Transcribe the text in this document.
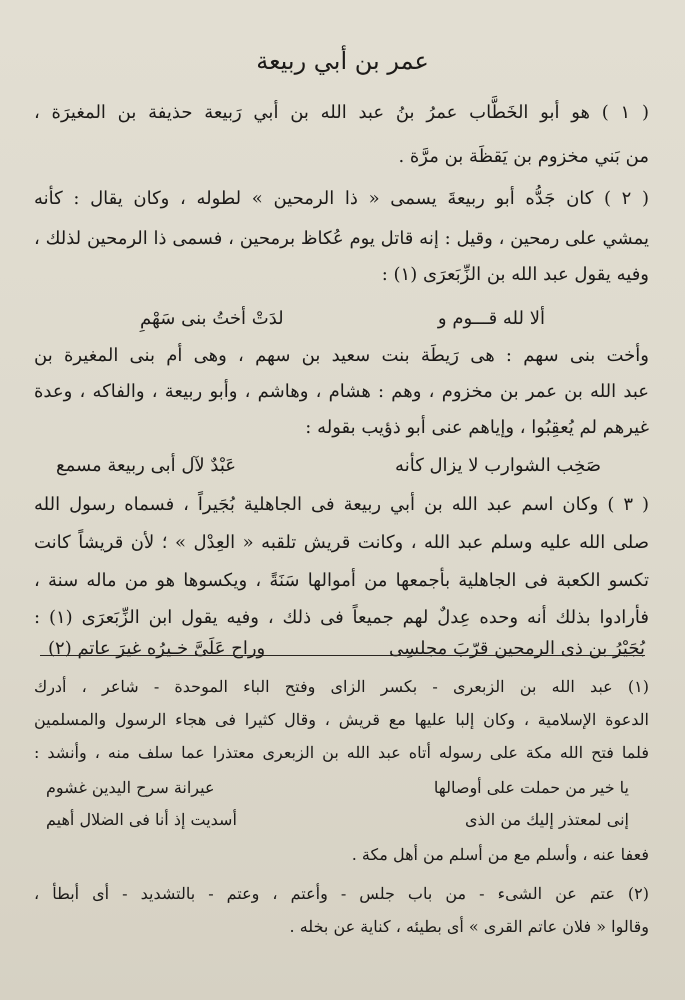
عمر بن أبي ربيعة
( ١ ) هو أبو الخَطَّاب عمرُ بنُ عبد الله بن أبي رَبيعة حذيفة بن المغيرَة ،
من بَني مخزوم بن يَقظَة بن مرَّة .
( ٢ ) كان جَدُّه أبو ربيعةَ يسمى « ذا الرمحين » لطوله ، وكان يقال : كأنه
يمشي على رمحين ، وقيل : إنه قاتل يوم عُكاظ برمحين ، فسمى ذا الرمحين لذلك ،
وفيه يقول عبد الله بن الزِّبَعرَى (١) :
ألا لله قـــوم و
لدَتْ أختُ بنى سَهْمِ
وأخت بنى سهم : هى رَيطَة بنت سعيد بن سهم ، وهى أم بنى المغيرة بن
عبد الله بن عمر بن مخزوم ، وهم : هشام ، وهاشم ، وأبو ربيعة ، والفاكه ، وعدة
غيرهم لم يُعقِبُوا ، وإياهم عنى أبو ذؤيب بقوله :
صَخِب الشوارب لا يزال كأنه
عَبْدٌ لآل أبى ربيعة مسمع
( ٣ ) وكان اسم عبد الله بن أبي ربيعة فى الجاهلية بُجَيراً ، فسماه رسول الله
صلى الله عليه وسلم عبد الله ، وكانت قريش تلقبه « العِدْل » ؛ لأن قريشاً كانت
تكسو الكعبة فى الجاهلية بأجمعها من أموالها سَنَةً ، ويكسوها هو من ماله سنة ،
فأرادوا بذلك أنه وحده عِدلٌ لهم جميعاً فى ذلك ، وفيه يقول ابن الزِّبَعرَى (١) :
بُجَيْرُ بن ذى الرمحين قرّبَ مجلسِى
وراح عَلَىَّ خـيرُه غيرَ عاتم (٢)
(١) عبد الله بن الزبعرى - بكسر الزاى وفتح الباء الموحدة - شاعر ، أدرك
الدعوة الإسلامية ، وكان إلبا عليها مع قريش ، وقال كثيرا فى هجاء الرسول والمسلمين
فلما فتح الله مكة على رسوله أتاه عبد الله بن الزبعرى معتذرا عما سلف منه ، وأنشد :
يا خير من حملت على أوصالها
عيرانة سرح اليدين غشوم
إنى لمعتذر إليك من الذى
أسديت إذ أنا فى الضلال أهيم
فعفا عنه ، وأسلم مع من أسلم من أهل مكة .
(٢) عتم عن الشىء - من باب جلس - وأعتم ، وعتم - بالتشديد - أى أبطأ ،
وقالوا « فلان عاتم القرى » أى بطيئه ، كناية عن بخله .
